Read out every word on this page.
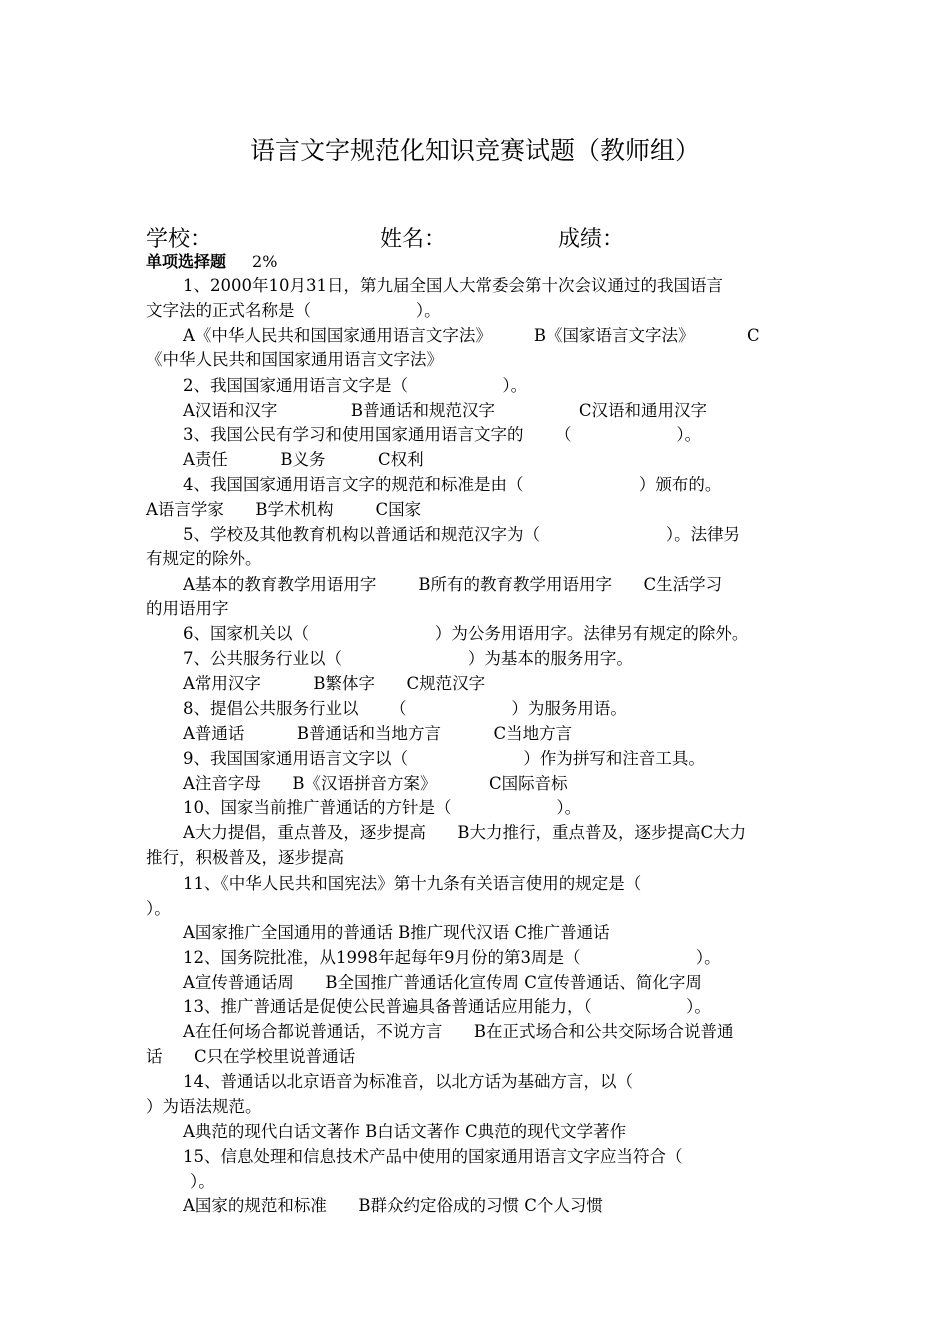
语言文字规范化知识竞赛试题（教师组）
学校：	姓名：	成绩：
单项选择题 2%
1、2000年10月31日，第九届全国人大常委会第十次会议通过的我国语言
文字法的正式名称是（                    ）。
A《中华人民共和国国家通用语言文字法》        B《国家语言文字法》          C
《中华人民共和国国家通用语言文字法》
2、我国国家通用语言文字是（                  ）。
A汉语和汉字              B普通话和规范汉字                C汉语和通用汉字
3、我国公民有学习和使用国家通用语言文字的      （                    ）。
A责任          B义务          C权利
4、我国国家通用语言文字的规范和标准是由（                      ）颁布的。
A语言学家      B学术机构        C国家
5、学校及其他教育机构以普通话和规范汉字为（                        ）。法律另
有规定的除外。
A基本的教育教学用语用字        B所有的教育教学用语用字      C生活学习
的用语用字
6、国家机关以（                        ）为公务用语用字。法律另有规定的除外。
7、公共服务行业以（                        ）为基本的服务用字。
A常用汉字          B繁体字      C规范汉字
8、提倡公共服务行业以      （                    ）为服务用语。
A普通话          B普通话和当地方言          C当地方言
9、我国国家通用语言文字以（                      ）作为拼写和注音工具。
A注音字母      B《汉语拼音方案》          C国际音标
10、国家当前推广普通话的方针是（                    ）。
A大力提倡，重点普及，逐步提高      B大力推行，重点普及，逐步提高C大力
推行，积极普及，逐步提高
11、《中华人民共和国宪法》第十九条有关语言使用的规定是（
）。
A国家推广全国通用的普通话 B推广现代汉语 C推广普通话
12、国务院批准，从1998年起每年9月份的第3周是（                      ）。
A宣传普通话周      B全国推广普通话化宣传周 C宣传普通话、简化字周
13、推广普通话是促使公民普遍具备普通话应用能力，（                  ）。
A在任何场合都说普通话，不说方言      B在正式场合和公共交际场合说普通
话      C只在学校里说普通话
14、普通话以北京语音为标准音，以北方话为基础方言，以（
）为语法规范。
A典范的现代白话文著作 B白话文著作 C典范的现代文学著作
15、信息处理和信息技术产品中使用的国家通用语言文字应当符合（
）。
A国家的规范和标准      B群众约定俗成的习惯 C个人习惯
